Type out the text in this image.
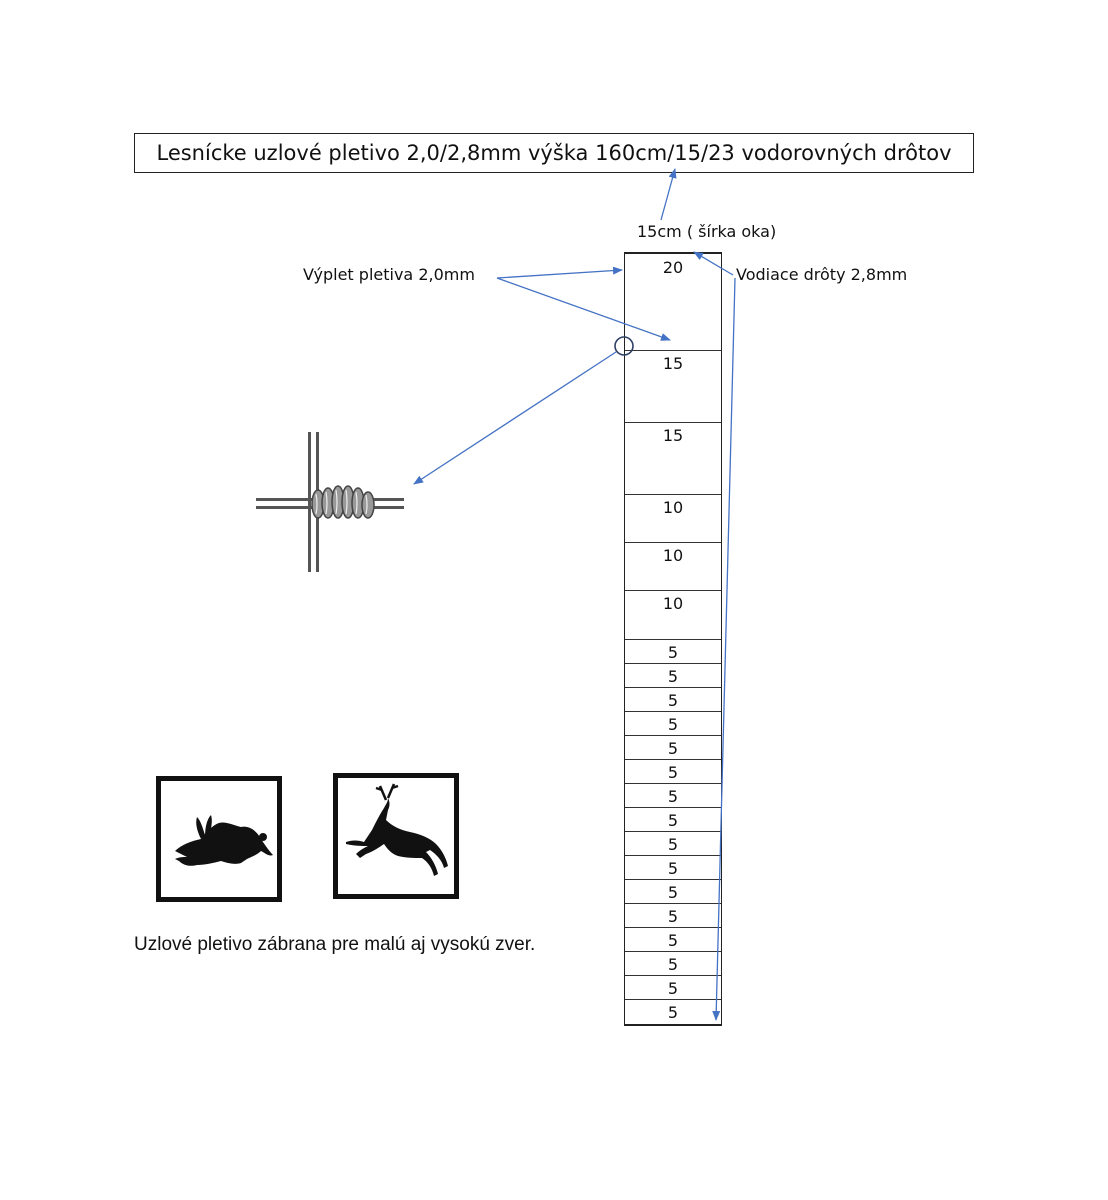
Lesnícke uzlové pletivo 2,0/2,8mm výška 160cm/15/23 vodorovných drôtov
15cm ( šírka oka)
Výplet pletiva 2,0mm	Vodiace drôty 2,8mm
20
15
15
10
10
10
5
5
5
5
5
5
5
5
5
5
5
5
5
5
5
5
Uzlové pletivo zábrana pre malú aj vysokú zver.
